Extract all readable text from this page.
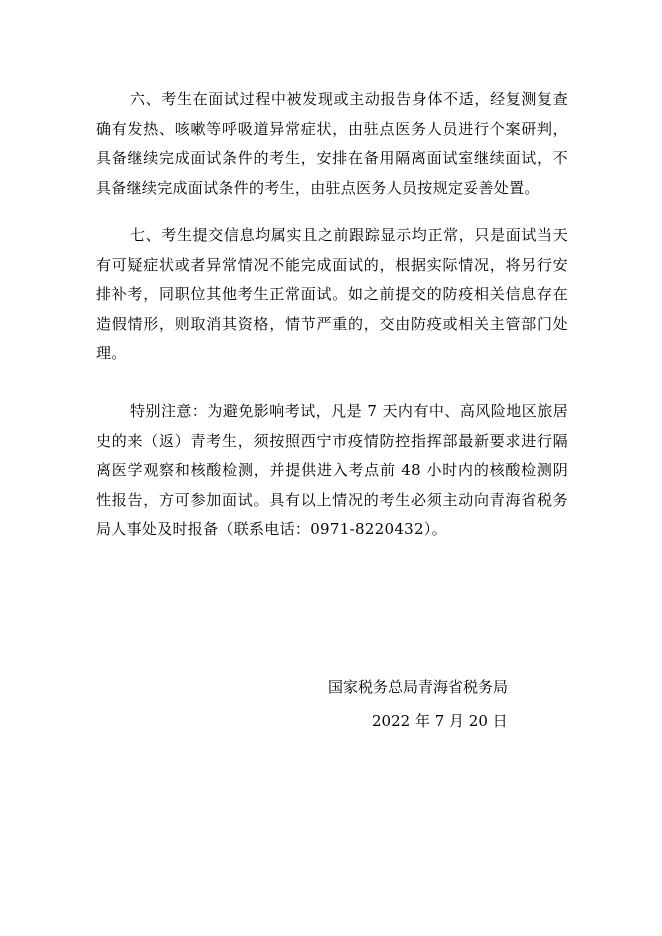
六、考生在面试过程中被发现或主动报告身体不适，经复测复查确有发热、咳嗽等呼吸道异常症状，由驻点医务人员进行个案研判，具备继续完成面试条件的考生，安排在备用隔离面试室继续面试，不具备继续完成面试条件的考生，由驻点医务人员按规定妥善处置。

七、考生提交信息均属实且之前跟踪显示均正常，只是面试当天有可疑症状或者异常情况不能完成面试的，根据实际情况，将另行安排补考，同职位其他考生正常面试。如之前提交的防疫相关信息存在造假情形，则取消其资格，情节严重的，交由防疫或相关主管部门处理。

特别注意：为避免影响考试，凡是 7 天内有中、高风险地区旅居史的来（返）青考生，须按照西宁市疫情防控指挥部最新要求进行隔离医学观察和核酸检测，并提供进入考点前 48 小时内的核酸检测阴性报告，方可参加面试。具有以上情况的考生必须主动向青海省税务局人事处及时报备（联系电话：0971-8220432）。

国家税务总局青海省税务局

2022 年 7 月 20 日
